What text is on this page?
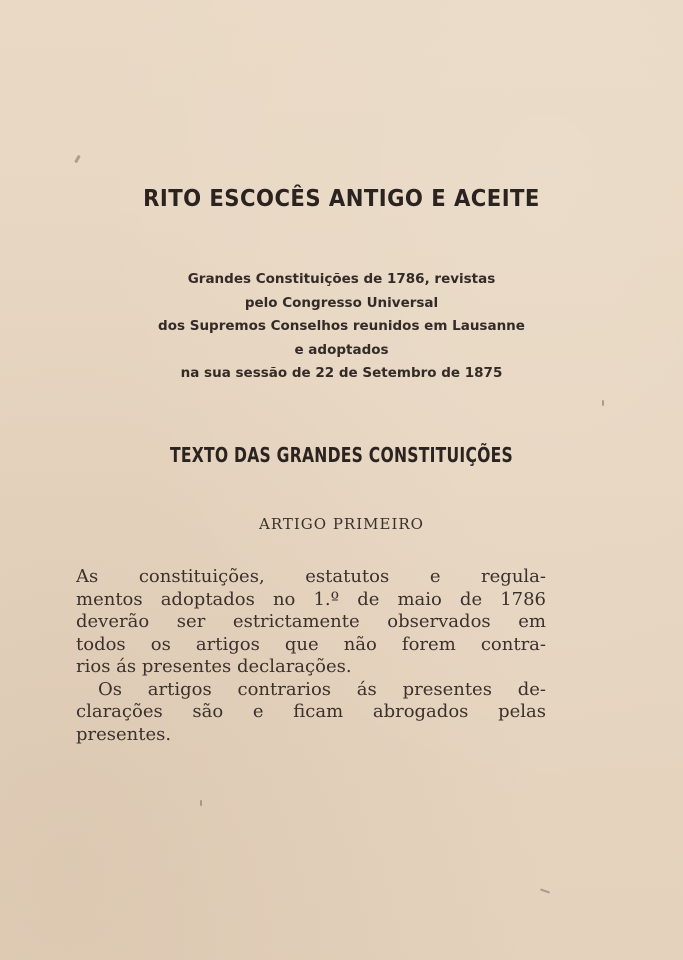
RITO ESCOCÊS ANTIGO E ACEITE
Grandes Constituições de 1786, revistas
pelo Congresso Universal
dos Supremos Conselhos reunidos em Lausanne
e adoptados
na sua sessão de 22 de Setembro de 1875
TEXTO DAS GRANDES CONSTITUIÇÕES
ARTIGO PRIMEIRO
As constituições, estatutos e regula-
mentos adoptados no 1.º de maio de 1786
deverão ser estrictamente observados em
todos os artigos que não forem contra-
rios ás presentes declarações.
Os artigos contrarios ás presentes de-
clarações são e ficam abrogados pelas
presentes.
